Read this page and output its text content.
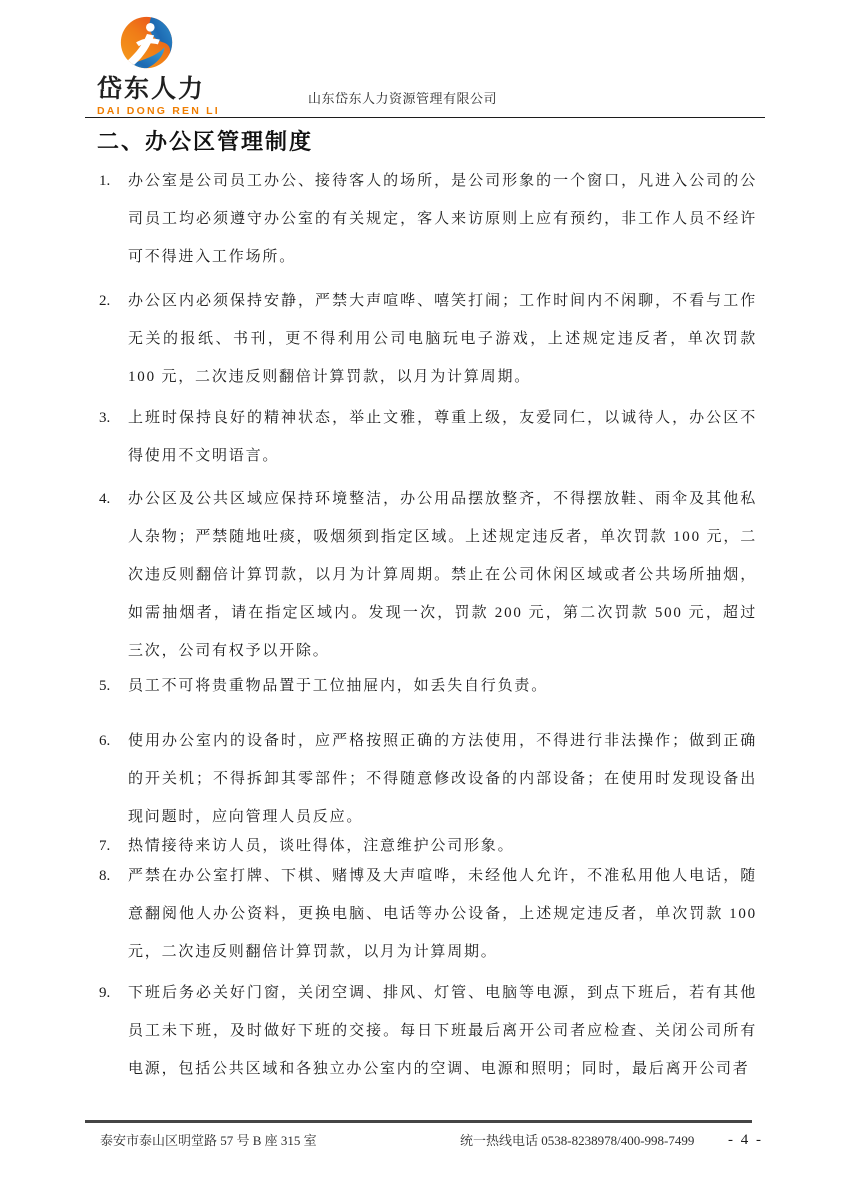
岱东人力
DAI DONG REN LI
山东岱东人力资源管理有限公司
二、办公区管理制度
1.	办公室是公司员工办公、接待客人的场所，是公司形象的一个窗口，凡进入公司的公司员工均必须遵守办公室的有关规定，客人来访原则上应有预约，非工作人员不经许可不得进入工作场所。
2.	办公区内必须保持安静，严禁大声喧哗、嘻笑打闹；工作时间内不闲聊，不看与工作无关的报纸、书刊，更不得利用公司电脑玩电子游戏，上述规定违反者，单次罚款 100 元，二次违反则翻倍计算罚款，以月为计算周期。
3.	上班时保持良好的精神状态，举止文雅，尊重上级，友爱同仁，以诚待人，办公区不得使用不文明语言。
4.	办公区及公共区域应保持环境整洁，办公用品摆放整齐，不得摆放鞋、雨伞及其他私人杂物；严禁随地吐痰，吸烟须到指定区域。上述规定违反者，单次罚款 100 元，二次违反则翻倍计算罚款，以月为计算周期。禁止在公司休闲区域或者公共场所抽烟，如需抽烟者，请在指定区域内。发现一次，罚款 200 元，第二次罚款 500 元，超过三次，公司有权予以开除。
5.	员工不可将贵重物品置于工位抽屉内，如丢失自行负责。
6.	使用办公室内的设备时，应严格按照正确的方法使用，不得进行非法操作；做到正确的开关机；不得拆卸其零部件；不得随意修改设备的内部设备；在使用时发现设备出现问题时，应向管理人员反应。
7.	热情接待来访人员，谈吐得体，注意维护公司形象。
8.	严禁在办公室打牌、下棋、赌博及大声喧哗，未经他人允许，不准私用他人电话，随意翻阅他人办公资料，更换电脑、电话等办公设备，上述规定违反者，单次罚款 100 元，二次违反则翻倍计算罚款，以月为计算周期。
9.	下班后务必关好门窗，关闭空调、排风、灯管、电脑等电源，到点下班后，若有其他员工未下班，及时做好下班的交接。每日下班最后离开公司者应检查、关闭公司所有电源，包括公共区域和各独立办公室内的空调、电源和照明；同时，最后离开公司者
泰安市泰山区明堂路 57 号 B 座 315 室	统一热线电话 0538-8238978/400-998-7499 - 4 -
